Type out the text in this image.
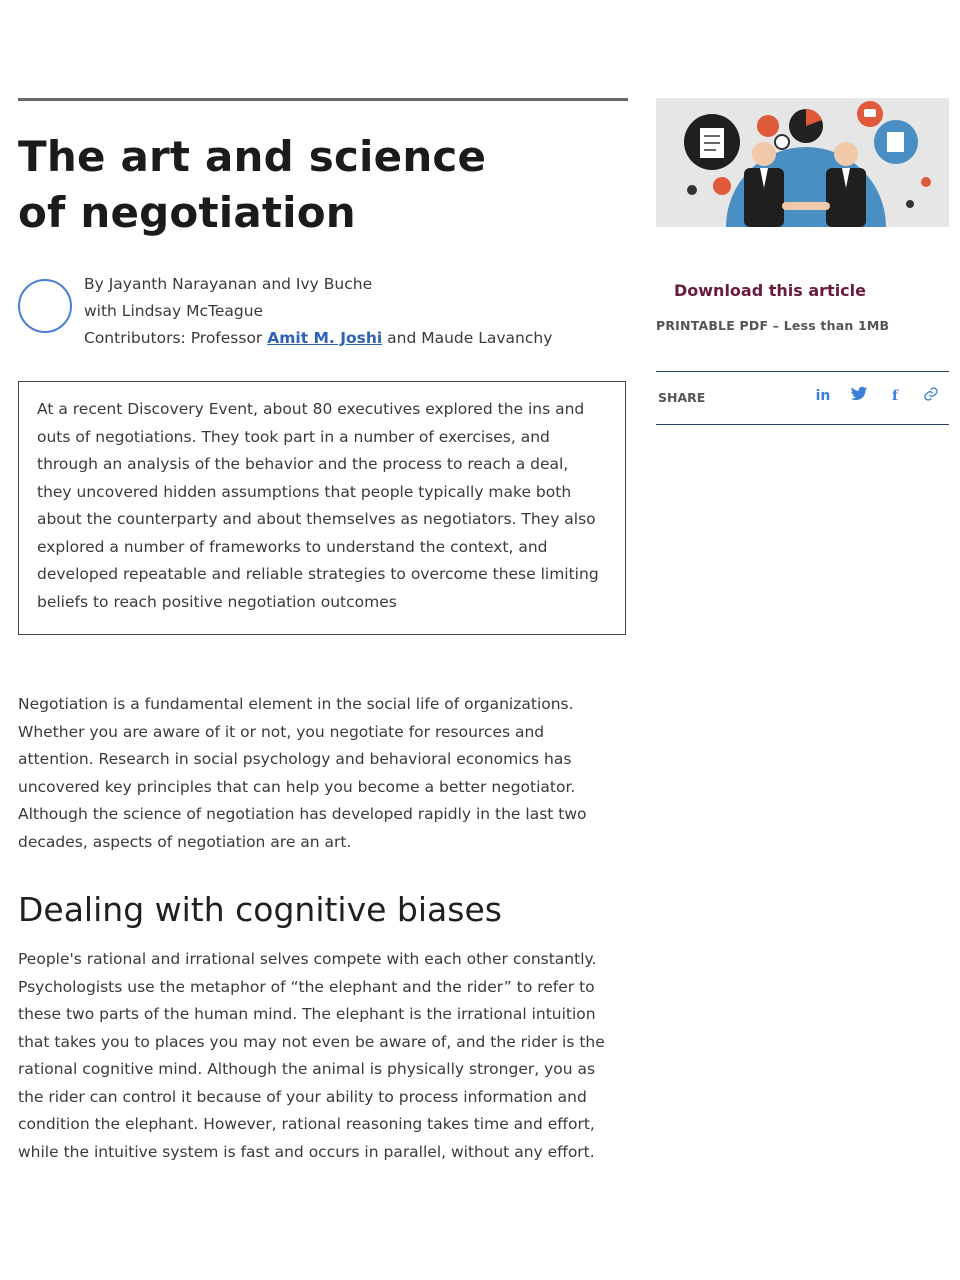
The art and science of negotiation
By Jayanth Narayanan and Ivy Buche
with Lindsay McTeague
Contributors: Professor Amit M. Joshi and Maude Lavanchy
At a recent Discovery Event, about 80 executives explored the ins and outs of negotiations. They took part in a number of exercises, and through an analysis of the behavior and the process to reach a deal, they uncovered hidden assumptions that people typically make both about the counterparty and about themselves as negotiators. They also explored a number of frameworks to understand the context, and developed repeatable and reliable strategies to overcome these limiting beliefs to reach positive negotiation outcomes

Negotiation is a fundamental element in the social life of organizations. Whether you are aware of it or not, you negotiate for resources and attention. Research in social psychology and behavioral economics has uncovered key principles that can help you become a better negotiator. Although the science of negotiation has developed rapidly in the last two decades, aspects of negotiation are an art.

Dealing with cognitive biases

People's rational and irrational selves compete with each other constantly. Psychologists use the metaphor of “the elephant and the rider” to refer to these two parts of the human mind. The elephant is the irrational intuition that takes you to places you may not even be aware of, and the rider is the rational cognitive mind. Although the animal is physically stronger, you as the rider can control it because of your ability to process information and condition the elephant. However, rational reasoning takes time and effort, while the intuitive system is fast and occurs in parallel, without any effort.

Download this article
PRINTABLE PDF – Less than 1MB
SHARE	in	f
